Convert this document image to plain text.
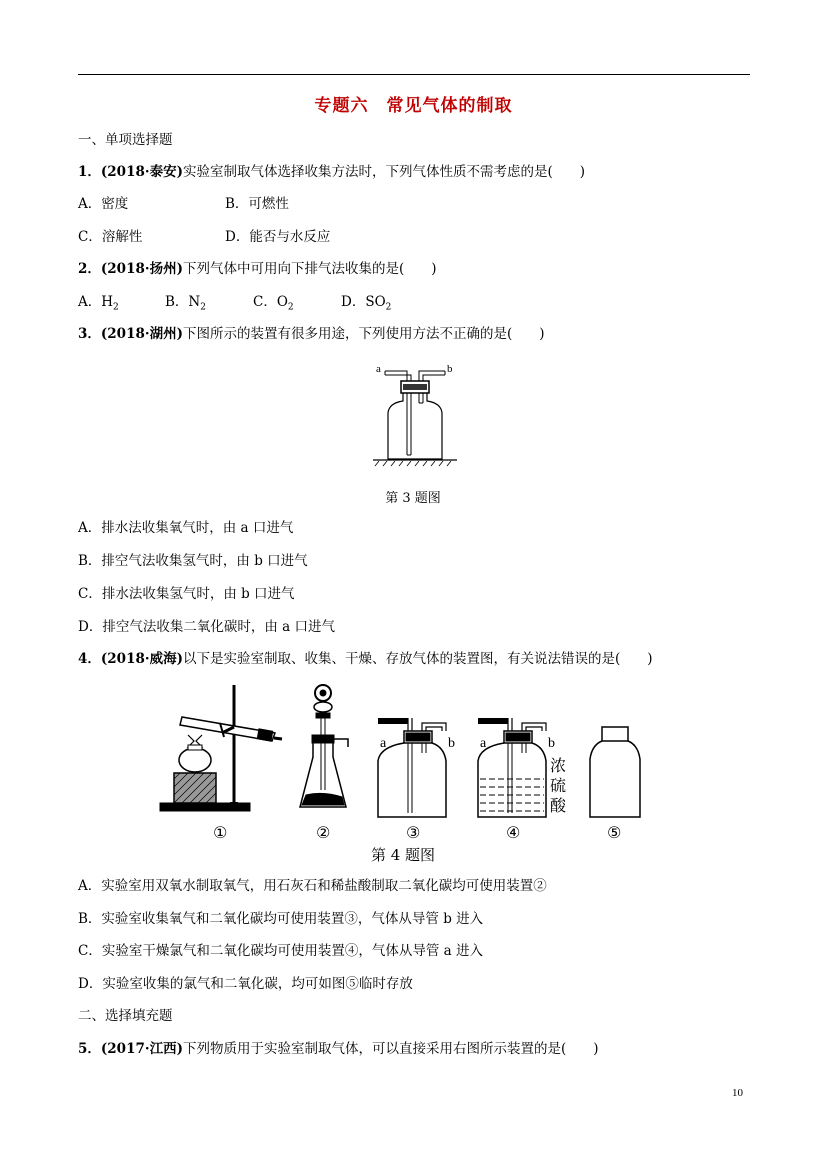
专题六　常见气体的制取
一、单项选择题
1．(2018·泰安)实验室制取气体选择收集方法时，下列气体性质不需考虑的是(　　)
A．密度	B．可燃性
C．溶解性	D．能否与水反应
2．(2018·扬州)下列气体中可用向下排气法收集的是(　　)
A．$H_2$	B．$N_2$	C．$O_2$	D．$SO_2$
3．(2018·湖州)下图所示的装置有很多用途，下列使用方法不正确的是(　　)
a	b
第 3 题图
A．排水法收集氧气时，由 a 口进气
B．排空气法收集氢气时，由 b 口进气
C．排水法收集氢气时，由 b 口进气
D．排空气法收集二氧化碳时，由 a 口进气
4．(2018·威海)以下是实验室制取、收集、干燥、存放气体的装置图，有关说法错误的是(　　)
a	b a	b
浓
硫
酸
①	②	③	④	⑤
第 4 题图
A．实验室用双氧水制取氧气，用石灰石和稀盐酸制取二氧化碳均可使用装置②
B．实验室收集氧气和二氧化碳均可使用装置③，气体从导管 b 进入
C．实验室干燥氯气和二氧化碳均可使用装置④，气体从导管 a 进入
D．实验室收集的氯气和二氧化碳，均可如图⑤临时存放
二、选择填充题
5．(2017·江西)下列物质用于实验室制取气体，可以直接采用右图所示装置的是(　　)
10
